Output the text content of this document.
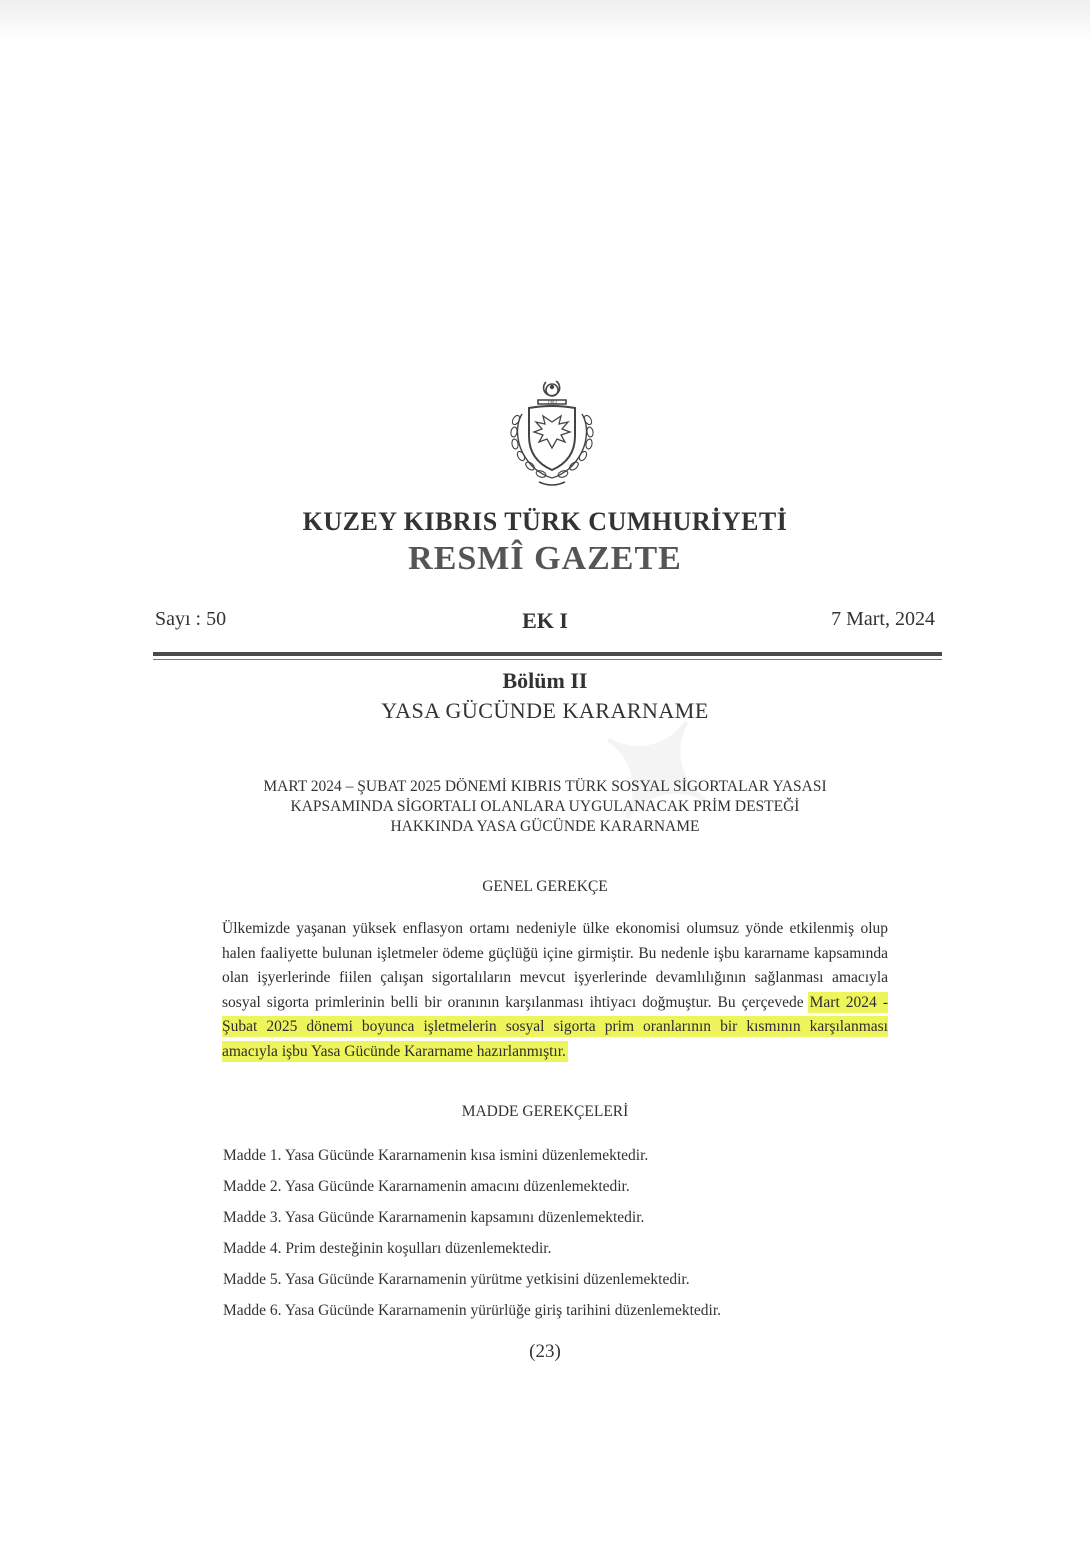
1983
KUZEY KIBRIS TÜRK CUMHURİYETİ
RESMÎ GAZETE
EK I
Sayı : 50	7 Mart, 2024
Bölüm II
YASA GÜCÜNDE KARARNAME
MART 2024 – ŞUBAT 2025 DÖNEMİ KIBRIS TÜRK SOSYAL SİGORTALAR YASASI
KAPSAMINDA SİGORTALI OLANLARA UYGULANACAK PRİM DESTEĞİ
HAKKINDA YASA GÜCÜNDE KARARNAME
GENEL GEREKÇE
Ülkemizde yaşanan yüksek enflasyon ortamı nedeniyle ülke ekonomisi olumsuz yönde etkilenmiş olup halen faaliyette bulunan işletmeler ödeme güçlüğü içine girmiştir. Bu nedenle işbu kararname kapsamında olan işyerlerinde fiilen çalışan sigortalıların mevcut işyerlerinde devamlılığının sağlanması amacıyla sosyal sigorta primlerinin belli bir oranının karşılanması ihtiyacı doğmuştur. Bu çerçevede Mart 2024 - Şubat 2025 dönemi boyunca işletmelerin sosyal sigorta prim oranlarının bir kısmının karşılanması amacıyla işbu Yasa Gücünde Kararname hazırlanmıştır.
MADDE GEREKÇELERİ
Madde 1. Yasa Gücünde Kararnamenin kısa ismini düzenlemektedir.
Madde 2. Yasa Gücünde Kararnamenin amacını düzenlemektedir.
Madde 3. Yasa Gücünde Kararnamenin kapsamını düzenlemektedir.
Madde 4. Prim desteğinin koşulları düzenlemektedir.
Madde 5. Yasa Gücünde Kararnamenin yürütme yetkisini düzenlemektedir.
Madde 6. Yasa Gücünde Kararnamenin yürürlüğe giriş tarihini düzenlemektedir.
(23)
